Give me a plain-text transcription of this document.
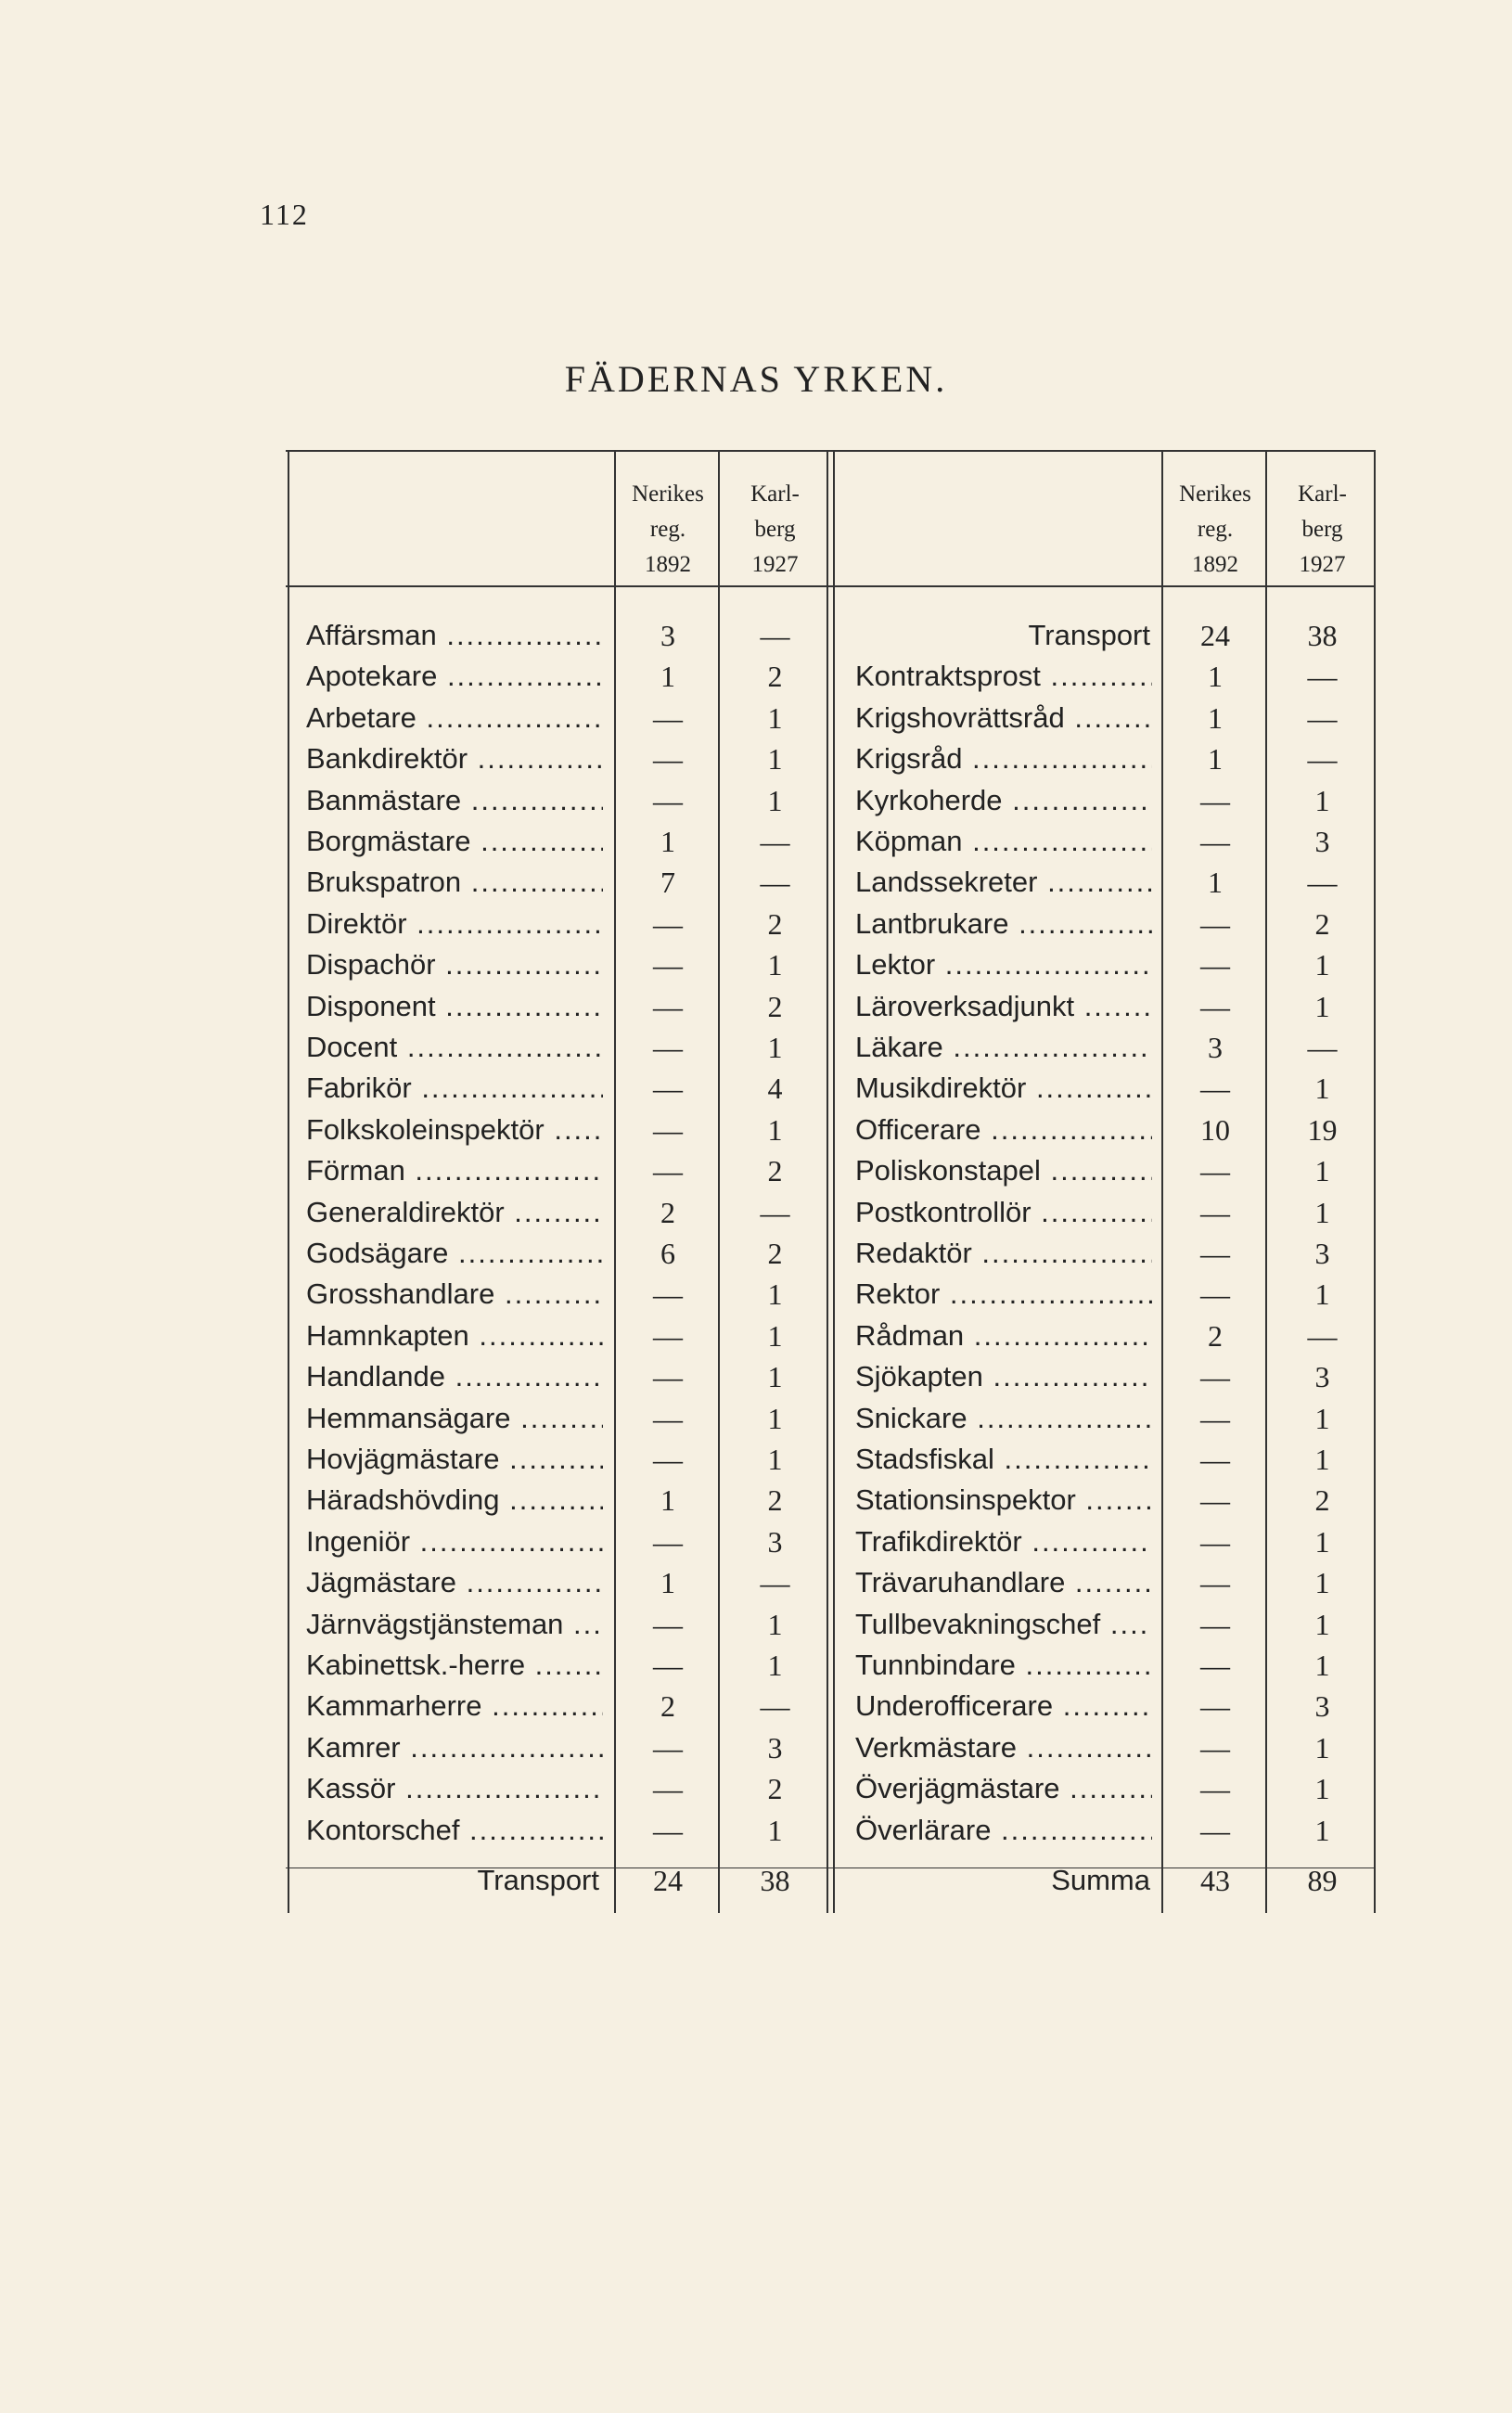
112
FÄDERNAS YRKEN.
Nerikes
reg.
1892
Karl-
berg
1927
Nerikes
reg.
1892
Karl-
berg
1927
Affärsman .....	3	—
Apotekare .....	1	2
Arbetare .....	—	1
Bankdirektör .....	—	1
Banmästare .....	—	1
Borgmästare .....	1	—
Brukspatron .....	7	—
Direktör .....	—	2
Dispachör .....	—	1
Disponent .....	—	2
Docent .....	—	1
Fabrikör .....	—	4
Folkskoleinspektör .....	—	1
Förman .....	—	2
Generaldirektör .....	2	—
Godsägare .....	6	2
Grosshandlare .....	—	1
Hamnkapten .....	—	1
Handlande .....	—	1
Hemmansägare .....	—	1
Hovjägmästare .....	—	1
Häradshövding .....	1	2
Ingeniör .....	—	3
Jägmästare .....	1	—
Järnvägstjänsteman .....	—	1
Kabinettsk.-herre .....	—	1
Kammarherre .....	2	—
Kamrer .....	—	3
Kassör .....	—	2
Kontorschef .....	—	1
Transport	24	38
Transport	24	38
Kontraktsprost .....	1	—
Krigshovrättsråd .....	1	—
Krigsråd .....	1	—
Kyrkoherde .....	—	1
Köpman .....	—	3
Landssekreter .....	1	—
Lantbrukare .....	—	2
Lektor .....	—	1
Läroverksadjunkt .....	—	1
Läkare .....	3	—
Musikdirektör .....	—	1
Officerare .....	10	19
Poliskonstapel .....	—	1
Postkontrollör .....	—	1
Redaktör .....	—	3
Rektor .....	—	1
Rådman .....	2	—
Sjökapten .....	—	3
Snickare .....	—	1
Stadsfiskal .....	—	1
Stationsinspektor .....	—	2
Trafikdirektör .....	—	1
Trävaruhandlare .....	—	1
Tullbevakningschef .....	—	1
Tunnbindare .....	—	1
Underofficerare .....	—	3
Verkmästare .....	—	1
Överjägmästare .....	—	1
Överlärare .....	—	1
Summa	43	89
